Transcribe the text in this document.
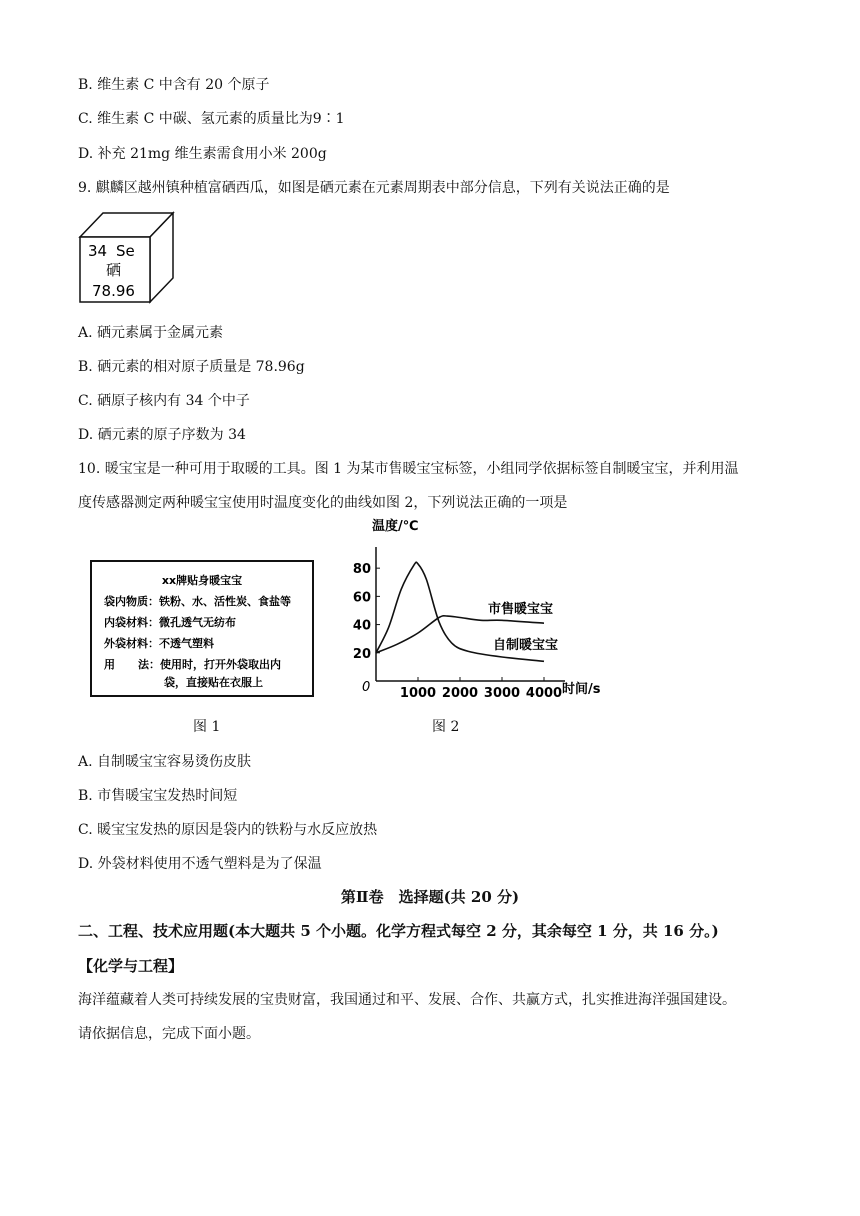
B. 维生素 C 中含有 20 个原子
C. 维生素 C 中碳、氢元素的质量比为9∶1
D. 补充 21mg 维生素需食用小米 200g
9. 麒麟区越州镇种植富硒西瓜，如图是硒元素在元素周期表中部分信息，下列有关说法正确的是
34 Se
硒
78.96
A. 硒元素属于金属元素
B. 硒元素的相对原子质量是 78.96g
C. 硒原子核内有 34 个中子
D. 硒元素的原子序数为 34
10. 暖宝宝是一种可用于取暖的工具。图 1 为某市售暖宝宝标签，小组同学依据标签自制暖宝宝，并利用温
度传感器测定两种暖宝宝使用时温度变化的曲线如图 2，下列说法正确的一项是
xx牌贴身暖宝宝
袋内物质：铁粉、水、活性炭、食盐等
内袋材料：微孔透气无纺布
外袋材料：不透气塑料
用      法：使用时，打开外袋取出内
袋，直接贴在衣服上
图 1
温度/℃
时间/s
0 1000 2000 3000 4000
20
40
60
80
市售暖宝宝
自制暖宝宝
图 2
A. 自制暖宝宝容易烫伤皮肤
B. 市售暖宝宝发热时间短
C. 暖宝宝发热的原因是袋内的铁粉与水反应放热
D. 外袋材料使用不透气塑料是为了保温
第Ⅱ卷　选择题(共 20 分)
二、工程、技术应用题(本大题共 5 个小题。化学方程式每空 2 分，其余每空 1 分，共 16 分。)
【化学与工程】
海洋蕴藏着人类可持续发展的宝贵财富，我国通过和平、发展、合作、共赢方式，扎实推进海洋强国建设。
请依据信息，完成下面小题。
